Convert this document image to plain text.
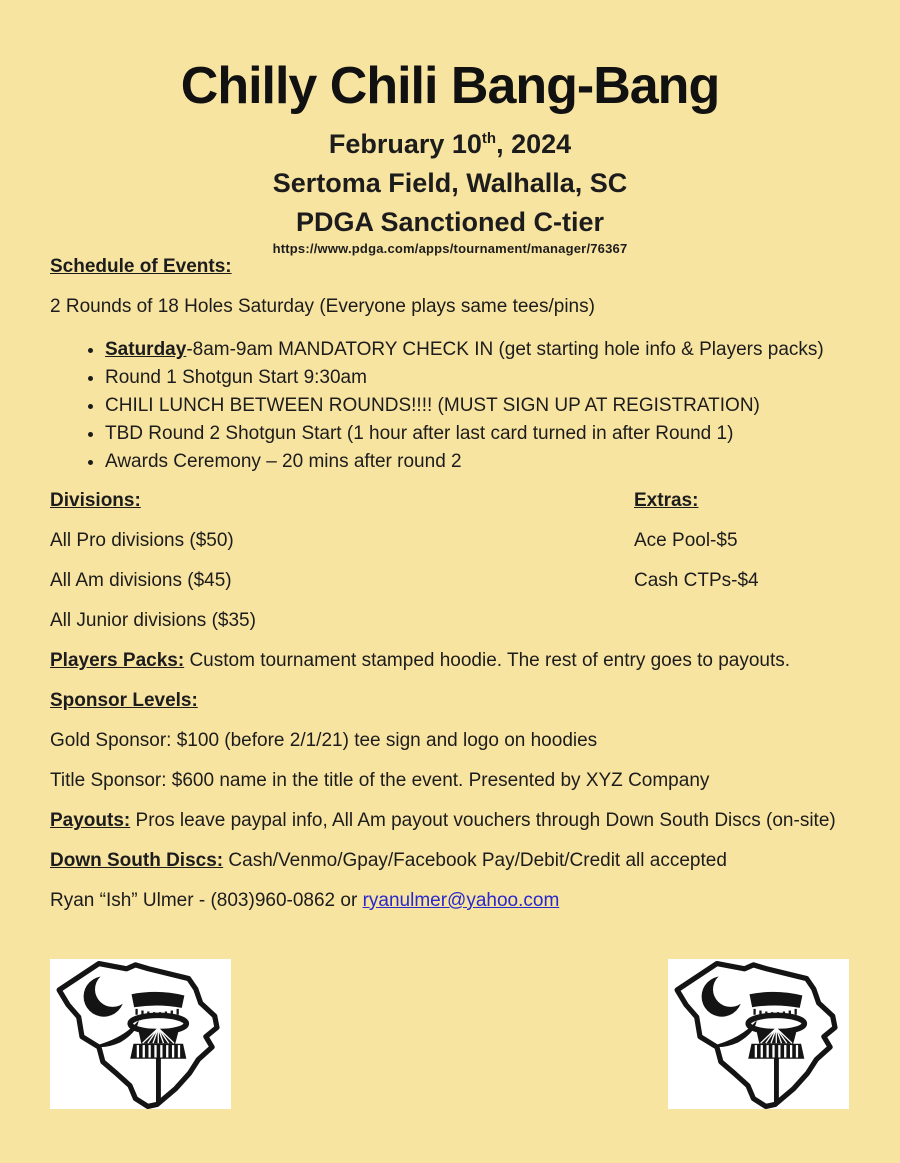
Chilly Chili Bang-Bang

February 10th, 2024

Sertoma Field, Walhalla, SC

PDGA Sanctioned C-tier

https://www.pdga.com/apps/tournament/manager/76367

Schedule of Events:

2 Rounds of 18 Holes Saturday (Everyone plays same tees/pins)

• Saturday-8am-9am MANDATORY CHECK IN (get starting hole info & Players packs)
• Round 1 Shotgun Start 9:30am
• CHILI LUNCH BETWEEN ROUNDS!!!! (MUST SIGN UP AT REGISTRATION)
• TBD Round 2 Shotgun Start (1 hour after last card turned in after Round 1)
• Awards Ceremony – 20 mins after round 2

Divisions:

All Pro divisions ($50)

All Am divisions ($45)

All Junior divisions ($35)

Extras:

Ace Pool-$5

Cash CTPs-$4

Players Packs: Custom tournament stamped hoodie. The rest of entry goes to payouts.

Sponsor Levels:

Gold Sponsor: $100 (before 2/1/21) tee sign and logo on hoodies

Title Sponsor: $600 name in the title of the event. Presented by XYZ Company

Payouts: Pros leave paypal info, All Am payout vouchers through Down South Discs (on-site)

Down South Discs: Cash/Venmo/Gpay/Facebook Pay/Debit/Credit all accepted

Ryan “Ish” Ulmer - (803)960-0862 or ryanulmer@yahoo.com
